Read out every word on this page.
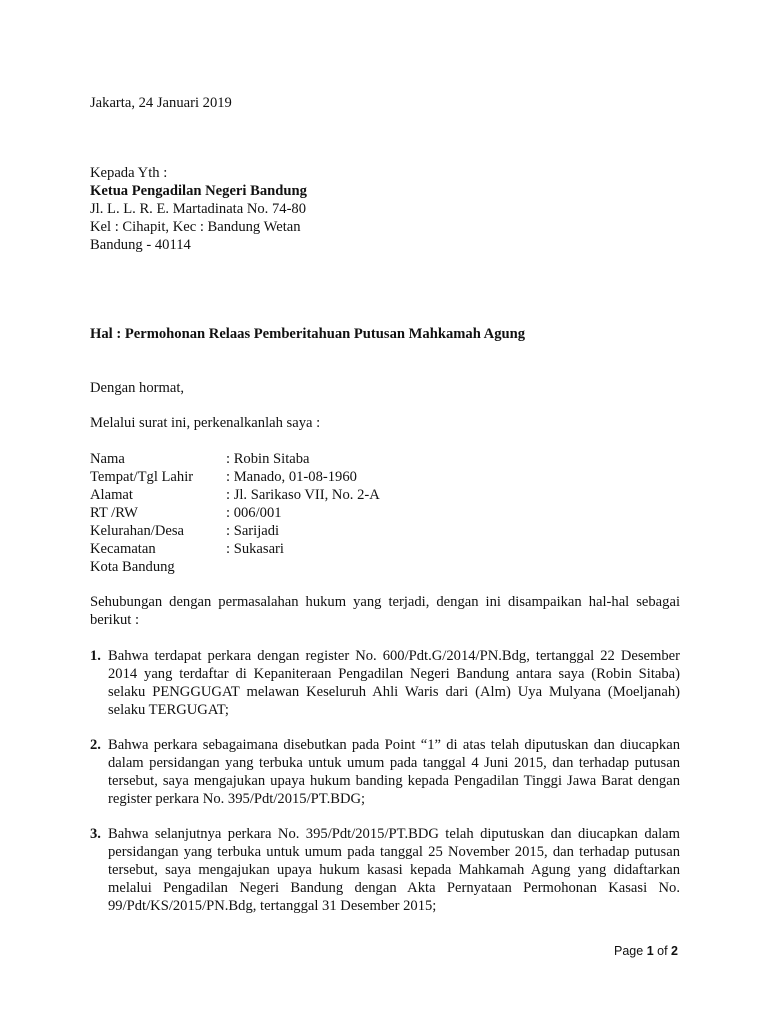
Jakarta, 24 Januari 2019
Kepada Yth :
Ketua Pengadilan Negeri Bandung
Jl. L. L. R. E. Martadinata No. 74-80
Kel : Cihapit, Kec : Bandung Wetan
Bandung - 40114
Hal : Permohonan Relaas Pemberitahuan Putusan Mahkamah Agung
Dengan hormat,
Melalui surat ini, perkenalkanlah saya :
Nama	: Robin Sitaba
Tempat/Tgl Lahir : Manado, 01-08-1960
Alamat	: Jl. Sarikaso VII, No. 2-A
RT /RW	: 006/001
Kelurahan/Desa	: Sarijadi
Kecamatan	: Sukasari
Kota Bandung
Sehubungan dengan permasalahan hukum yang terjadi, dengan ini disampaikan hal-hal sebagai berikut :
1. Bahwa terdapat perkara dengan register No. 600/Pdt.G/2014/PN.Bdg, tertanggal 22 Desember 2014 yang terdaftar di Kepaniteraan Pengadilan Negeri Bandung antara saya (Robin Sitaba) selaku PENGGUGAT melawan Keseluruh Ahli Waris dari (Alm) Uya Mulyana (Moeljanah) selaku TERGUGAT;
2. Bahwa perkara sebagaimana disebutkan pada Point “1” di atas telah diputuskan dan diucapkan dalam persidangan yang terbuka untuk umum pada tanggal 4 Juni 2015, dan terhadap putusan tersebut, saya mengajukan upaya hukum banding kepada Pengadilan Tinggi Jawa Barat dengan register perkara No. 395/Pdt/2015/PT.BDG;
3. Bahwa selanjutnya perkara No. 395/Pdt/2015/PT.BDG telah diputuskan dan diucapkan dalam persidangan yang terbuka untuk umum pada tanggal 25 November 2015, dan terhadap putusan tersebut, saya mengajukan upaya hukum kasasi kepada Mahkamah Agung yang didaftarkan melalui Pengadilan Negeri Bandung dengan Akta Pernyataan Permohonan Kasasi No. 99/Pdt/KS/2015/PN.Bdg, tertanggal 31 Desember 2015;
Page 1 of 2
